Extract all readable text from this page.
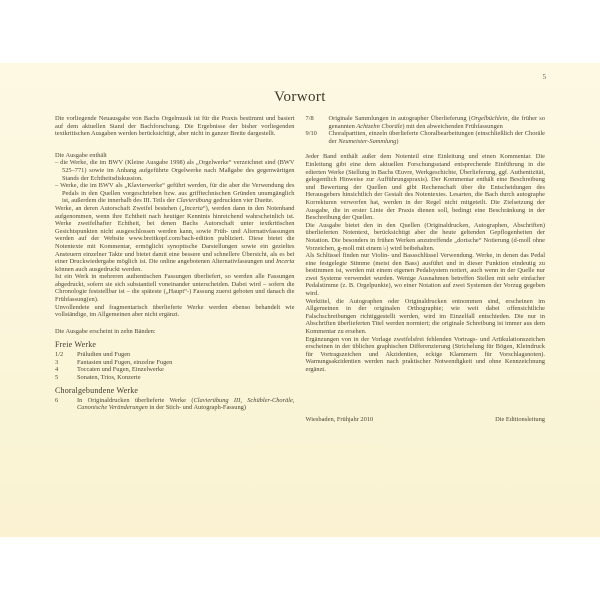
5
Vorwort

Die vorliegende Neuausgabe von Bachs Orgelmusik ist für die Praxis bestimmt und basiert auf dem aktuellen Stand der Bachforschung. Die Ergebnisse der bisher vorliegenden textkritischen Ausgaben werden berücksichtigt, aber nicht in ganzer Breite dargestellt.

Die Ausgabe enthält

– die Werke, die im BWV (Kleine Ausgabe 1998) als „Orgelwerke“ verzeichnet sind (BWV 525–771) sowie im Anhang aufgeführte Orgelwerke nach Maßgabe des gegenwärtigen Stands der Echtheitsdiskussion.

– Werke, die im BWV als „Klavierwerke“ geführt werden, für die aber die Verwendung des Pedals in den Quellen vorgeschrieben bzw. aus grifftechnischen Gründen unumgänglich ist, außerdem die innerhalb des III. Teils der Clavierübung gedruckten vier Duette.

Werke, an deren Autorschaft Zweifel bestehen („Incerta“), werden dann in den Notenband aufgenommen, wenn ihre Echtheit nach heutiger Kenntnis hinreichend wahrscheinlich ist. Werke zweifelhafter Echtheit, bei denen Bachs Autorschaft unter textkritischen Gesichtspunkten nicht ausgeschlossen werden kann, sowie Früh- und Alternativfassungen werden auf der Website www.breitkopf.com/bach-edition publiziert. Diese bietet die Notentexte mit Kommentar, ermöglicht synoptische Darstellungen sowie ein gezieltes Ansteuern einzelner Takte und bietet damit eine bessere und schnellere Übersicht, als es bei einer Druckwiedergabe möglich ist. Die online angebotenen Alternativfassungen und Incerta können auch ausgedruckt werden.

Ist ein Werk in mehreren authentischen Fassungen überliefert, so werden alle Fassungen abgedruckt, sofern sie sich substantiell voneinander unterscheiden. Dabei wird – sofern die Chronologie feststellbar ist – die späteste („Haupt“-) Fassung zuerst geboten und danach die Frühfassung(en).

Unvollendete und fragmentarisch überlieferte Werke werden ebenso behandelt wie vollständige, im Allgemeinen aber nicht ergänzt.

Die Ausgabe erscheint in zehn Bänden:

Freie Werke
1/2	Präludien und Fugen
3	Fantasien und Fugen, einzelne Fugen
4	Toccaten und Fugen, Einzelwerke
5	Sonaten, Trios, Konzerte
Choralgebundene Werke
6	In Originaldrucken überlieferte Werke (Clavierübung III, Schübler-Choräle, Canonische Veränderungen in der Stich- und Autograph-Fassung)
7/8	Originale Sammlungen in autographer Überlieferung (Orgelbüchlein, die früher so genannten Achtzehn Choräle) mit den abweichenden Frühfassungen
9/10	Choralpartiten, einzeln überlieferte Choralbearbeitungen (einschließlich der Choräle der Neumeister-Sammlung)

Jeder Band enthält außer dem Notenteil eine Einleitung und einen Kommentar. Die Einleitung gibt eine dem aktuellen Forschungsstand entsprechende Einführung in die edierten Werke (Stellung in Bachs Œuvre, Werkgeschichte, Überlieferung, ggf. Authentizität, gelegentlich Hinweise zur Aufführungspraxis). Der Kommentar enthält eine Beschreibung und Bewertung der Quellen und gibt Rechenschaft über die Entscheidungen des Herausgebers hinsichtlich der Gestalt des Notentextes. Lesarten, die Bach durch autographe Korrekturen verworfen hat, werden in der Regel nicht mitgeteilt. Die Zielsetzung der Ausgabe, die in erster Linie der Praxis dienen soll, bedingt eine Beschränkung in der Beschreibung der Quellen.

Die Ausgabe bietet den in den Quellen (Originaldrucken, Autographen, Abschriften) überlieferten Notentext, berücksichtigt aber die heute geltenden Gepflogenheiten der Notation. Die besonders in frühen Werken anzutreffende „dorische“ Notierung (d-moll ohne Vorzeichen, g-moll mit einem ♭) wird beibehalten.

Als Schlüssel finden nur Violin- und Bassschlüssel Verwendung. Werke, in denen das Pedal eine festgelegte Stimme (meist den Bass) ausführt und in dieser Funktion eindeutig zu bestimmen ist, werden mit einem eigenen Pedalsystem notiert, auch wenn in der Quelle nur zwei Systeme verwendet wurden. Wenige Ausnahmen betreffen Stellen mit sehr einfacher Pedalstimme (z. B. Orgelpunkte), wo einer Notation auf zwei Systemen der Vorzug gegeben wird.

Werktitel, die Autographen oder Originaldrucken entnommen sind, erscheinen im Allgemeinen in der originalen Orthographie; wie weit dabei offensichtliche Falschschreibungen richtiggestellt werden, wird im Einzelfall entschieden. Die nur in Abschriften überlieferten Titel werden normiert; die originale Schreibung ist immer aus dem Kommentar zu ersehen.

Ergänzungen von in der Vorlage zweifelsfrei fehlenden Vortrags- und Artikulationszeichen erscheinen in der üblichen graphischen Differenzierung (Strichelung für Bögen, Kleindruck für Vortragszeichen und Akzidentien, eckige Klammern für Vorschlagsnoten). Warnungsakzidentien werden nach praktischer Notwendigkeit und ohne Kennzeichnung ergänzt.

Wiesbaden, Frühjahr 2010	Die Editionsleitung
